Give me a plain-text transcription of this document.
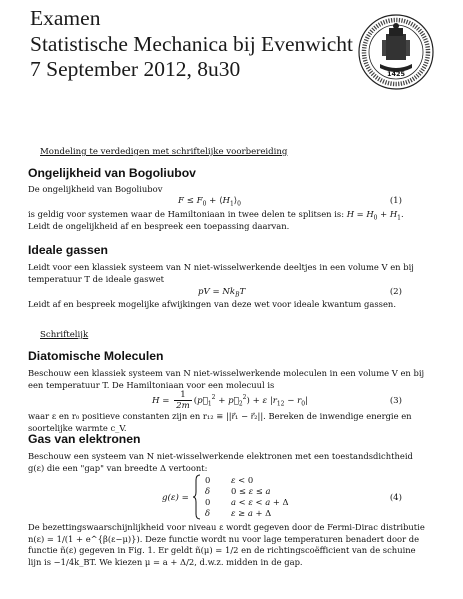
Examen
Statistische Mechanica bij Evenwicht
7 September 2012, 8u30	1425
Mondeling te verdedigen met schriftelijke voorbereiding
Ongelijkheid van Bogoliubov
De ongelijkheid van Bogoliubov
$F \le F_0$ + $⟨H_1⟩_0$	(1)
is geldig voor systemen waar de Hamiltoniaan in twee delen te splitsen is: $H = H_0 + H_1$.
Leidt de ongelijkheid af en bespreek een toepassing daarvan.
Ideale gassen
Leidt voor een klassiek systeem van N niet-wisselwerkende deeltjes in een volume V en bij
temperatuur T de ideale gaswet
pV = $Nk_BT$	(2)
Leidt af en bespreek mogelijke afwijkingen van deze wet voor ideale kwantum gassen.
Schriftelijk
Diatomische Moleculen
Beschouw een klassiek systeem van N niet-wisselwerkende moleculen in een volume V en bij
een temperatuur T. De Hamiltoniaan voor een molecuul is
$H = \frac{1}{2m}$ ($p⃗_1^2$ + $p⃗_2^2) + \varepsilon$ $|r_{12} - r_0|$	(3)
waar ε en r₀ positieve constanten zijn en r₁₂ ≡ ||r⃗₁ − r⃗₂||. Bereken de inwendige energie en
soortelijke warmte c_V.
Gas van elektronen
Beschouw een systeem van N niet-wisselwerkende elektronen met een toestandsdichtheid
g(ε) die een "gap" van breedte Δ vertoont:
g(ε) =
0 ε < 0
δ 0 ≤ ε ≤ a
0 a < ε < a + Δ
δ ε ≥ a + Δ
(4)
De bezettingswaarschijnlijkheid voor niveau ε wordt gegeven door de Fermi-Dirac distributie
n(ε) = 1/(1 + e^{β(ε−μ)}). Deze functie wordt nu voor lage temperaturen benadert door de
functie ñ(ε) gegeven in Fig. 1. Er geldt ñ(μ) = 1/2 en de richtingscoëfficient van de schuine
lijn is −1/4k_BT. We kiezen μ = a + Δ/2, d.w.z. midden in de gap.
